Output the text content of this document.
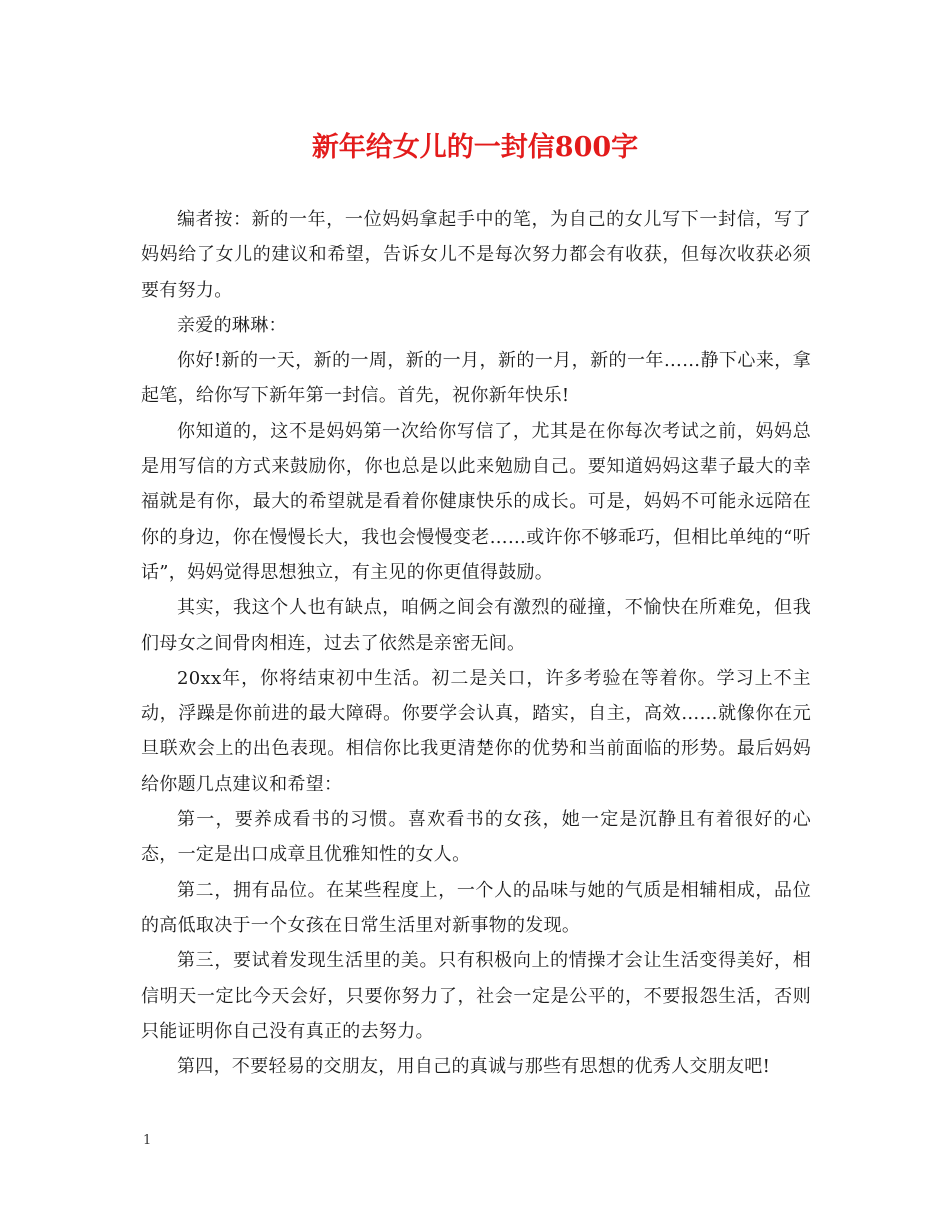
新年给女儿的一封信800字

编者按：新的一年，一位妈妈拿起手中的笔，为自己的女儿写下一封信，写了妈妈给了女儿的建议和希望，告诉女儿不是每次努力都会有收获，但每次收获必须要有努力。

亲爱的琳琳：

你好!新的一天，新的一周，新的一月，新的一月，新的一年……静下心来，拿起笔，给你写下新年第一封信。首先，祝你新年快乐!

你知道的，这不是妈妈第一次给你写信了，尤其是在你每次考试之前，妈妈总是用写信的方式来鼓励你，你也总是以此来勉励自己。要知道妈妈这辈子最大的幸福就是有你，最大的希望就是看着你健康快乐的成长。可是，妈妈不可能永远陪在你的身边，你在慢慢长大，我也会慢慢变老……或许你不够乖巧，但相比单纯的“听话”，妈妈觉得思想独立，有主见的你更值得鼓励。

其实，我这个人也有缺点，咱俩之间会有激烈的碰撞，不愉快在所难免，但我们母女之间骨肉相连，过去了依然是亲密无间。

20xx年，你将结束初中生活。初二是关口，许多考验在等着你。学习上不主动，浮躁是你前进的最大障碍。你要学会认真，踏实，自主，高效……就像你在元旦联欢会上的出色表现。相信你比我更清楚你的优势和当前面临的形势。最后妈妈给你题几点建议和希望：

第一，要养成看书的习惯。喜欢看书的女孩，她一定是沉静且有着很好的心态，一定是出口成章且优雅知性的女人。

第二，拥有品位。在某些程度上，一个人的品味与她的气质是相辅相成，品位的高低取决于一个女孩在日常生活里对新事物的发现。

第三，要试着发现生活里的美。只有积极向上的情操才会让生活变得美好，相信明天一定比今天会好，只要你努力了，社会一定是公平的，不要报怨生活，否则只能证明你自己没有真正的去努力。

第四，不要轻易的交朋友，用自己的真诚与那些有思想的优秀人交朋友吧!

1
